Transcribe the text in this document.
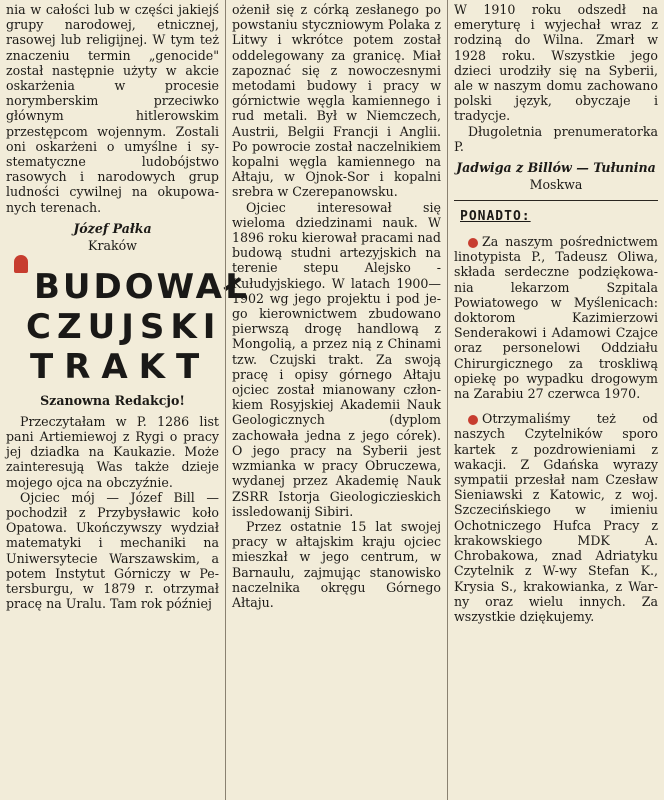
nia w całości lub w części jakiejś grupy narodowej, etnicznej, rasowej lub religijnej. W tym też znaczeniu termin „genocide" został następnie użyty w akcie oskarżenia w procesie norymberskim przeciwko głównym hitlerowskim przestępcom wojennym. Zostali oni oskarżeni o umyślne i systematyczne ludobójstwo rasowych i narodowych grup ludności cywilnej na okupowanych terenach.

Józef Pałka
Kraków
BUDOWAŁ
CZUJSKI
TRAKT
Szanowna Redakcjo!

Przeczytałam w P. 1286 list pani Artiemiewoj z Rygi o pracy jej dziadka na Kaukazie. Może zainteresują Was także dzieje mojego ojca na obczyźnie.

Ojciec mój — Józef Bill — pochodził z Przybysławic koło Opatowa. Ukończywszy wydział matematyki i mechaniki na Uniwersytecie Warszawskim, a potem Instytut Górniczy w Petersburgu, w 1879 r. otrzymał pracę na Uralu. Tam rok później

ożenił się z córką zesłanego po powstaniu styczniowym Polaka z Litwy i wkrótce potem został oddelegowany za granicę. Miał zapoznać się z nowoczesnymi metodami budowy i pracy w górnictwie węgla kamiennego i rud metali. Był w Niemczech, Austrii, Belgii Francji i Anglii. Po powrocie został naczelnikiem kopalni węgla kamiennego na Ałtaju, w Ojnok-Sor i kopalni srebra w Czerepanowsku.

Ojciec interesował się wieloma dziedzinami nauk. W 1896 roku kierował pracami nad budową studni artezyjskich na terenie stepu Alejsko - Kułudyjskiego. W latach 1900—1902 wg jego projektu i pod jego kierownictwem zbudowano pierwszą drogę handlową z Mongolią, a przez nią z Chinami tzw. Czujski trakt. Za swoją pracę i opisy górnego Ałtaju ojciec został mianowany członkiem Rosyjskiej Akademii Nauk Geologicznych (dyplom zachowała jedna z jego córek). O jego pracy na Syberii jest wzmianka w pracy Obruczewa, wydanej przez Akademię Nauk ZSRR Istorja Gieologiczieskich issledowanij Sibiri.

Przez ostatnie 15 lat swojej pracy w ałtajskim kraju ojciec mieszkał w jego centrum, w Barnaulu, zajmując stanowisko naczelnika okręgu Górnego Ałtaju.

W 1910 roku odszedł na emeryturę i wyjechał wraz z rodziną do Wilna. Zmarł w 1928 roku. Wszystkie jego dzieci urodziły się na Syberii, ale w naszym domu zachowano polski język, obyczaje i tradycje.

Długoletnia prenumeratorka P.

Jadwiga z Billów — Tułunina
Moskwa
PONADTO:

Za naszym pośrednictwem linotypista P., Tadeusz Oliwa, składa serdeczne podziękowania lekarzom Szpitala Powiatowego w Myślenicach: doktorom Kazimierzowi Senderakowi i Adamowi Czajce oraz personelowi Oddziału Chirurgicznego za troskliwą opiekę po wypadku drogowym na Zarabiu 27 czerwca 1970.

Otrzymaliśmy też od naszych Czytelników sporo kartek z pozdrowieniami z wakacji. Z Gdańska wyrazy sympatii przesłał nam Czesław Sieniawski z Katowic, z woj. Szczecińskiego w imieniu Ochotniczego Hufca Pracy z krakowskiego MDK A. Chrobakowa, znad Adriatyku Czytelnik z W-wy Stefan K., Krysia S., krakowianka, z Warny oraz wielu innych. Za wszystkie dziękujemy.
